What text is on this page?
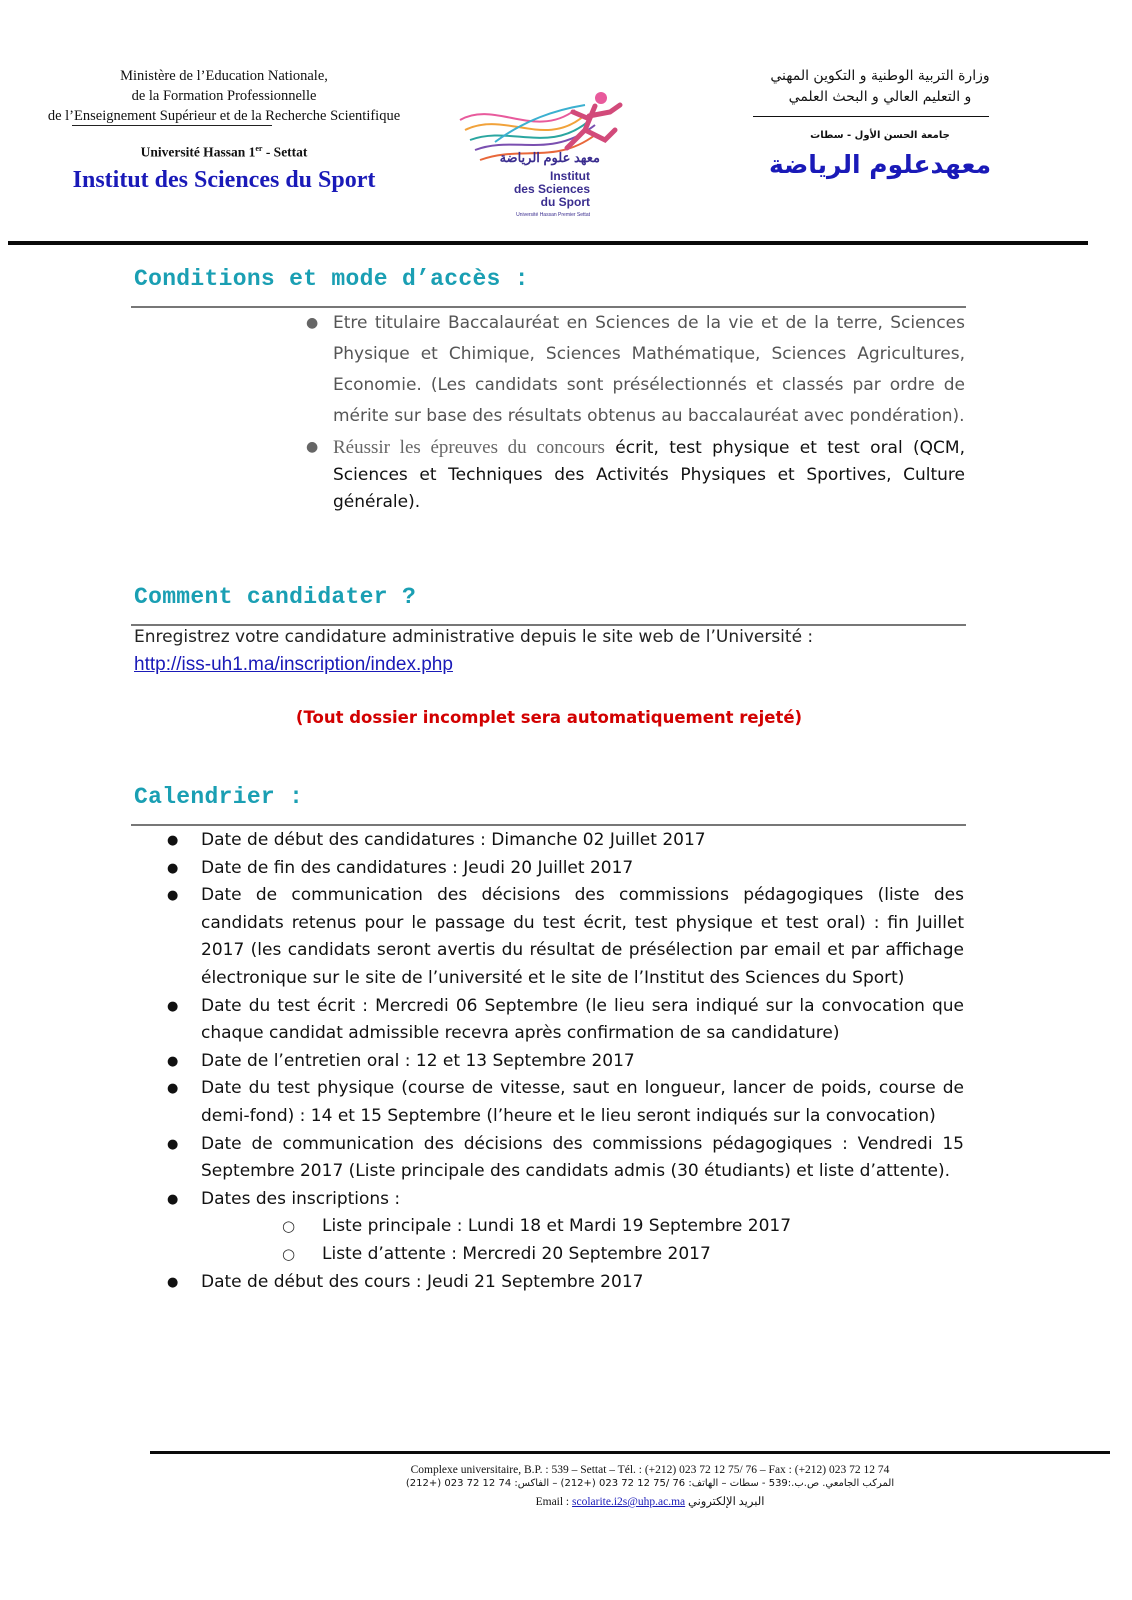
Ministère de l’Education Nationale,
de la Formation Professionnelle
de l’Enseignement Supérieur et de la Recherche Scientifique
Université Hassan 1er - Settat
Institut des Sciences du Sport
معهد علوم الرياضة
Institut
des Sciences
du Sport
Université Hassan Premier Settat
وزارة التربية الوطنية و التكوين المهني
و التعليم العالي و البحث العلمي
جامعة الحسن الأول - سطات
معهدعلوم الرياضة
Conditions et mode d’accès :
● Etre titulaire Baccalauréat en Sciences de la vie et de la terre, Sciences Physique et Chimique, Sciences Mathématique, Sciences Agricultures, Economie. (Les candidats sont présélectionnés et classés par ordre de mérite sur base des résultats obtenus au baccalauréat avec pondération).
● Réussir les épreuves du concours écrit, test physique et test oral (QCM, Sciences et Techniques des Activités Physiques et Sportives, Culture générale).
Comment candidater ?
Enregistrez votre candidature administrative depuis le site web de l’Université :
http://iss-uh1.ma/inscription/index.php
(Tout dossier incomplet sera automatiquement rejeté)
Calendrier :
● Date de début des candidatures : Dimanche 02 Juillet 2017
● Date de fin des candidatures : Jeudi 20 Juillet 2017
● Date de communication des décisions des commissions pédagogiques (liste des candidats retenus pour le passage du test écrit, test physique et test oral) : fin Juillet 2017 (les candidats seront avertis du résultat de présélection par email et par affichage électronique sur le site de l’université et le site de l’Institut des Sciences du Sport)
● Date du test écrit : Mercredi 06 Septembre (le lieu sera indiqué sur la convocation que chaque candidat admissible recevra après confirmation de sa candidature)
● Date de l’entretien oral : 12 et 13 Septembre 2017
● Date du test physique (course de vitesse, saut en longueur, lancer de poids, course de demi-fond) : 14 et 15 Septembre (l’heure et le lieu seront indiqués sur la convocation)
● Date de communication des décisions des commissions pédagogiques : Vendredi 15 Septembre 2017 (Liste principale des candidats admis (30 étudiants) et liste d’attente).
● Dates des inscriptions :
○ Liste principale : Lundi 18 et Mardi 19 Septembre 2017
○ Liste d’attente : Mercredi 20 Septembre 2017
● Date de début des cours : Jeudi 21 Septembre 2017
Complexe universitaire, B.P. : 539 – Settat – Tél. : (+212) 023 72 12 75/ 76 – Fax : (+212) 023 72 12 74
المركب الجامعي. ص.ب.:539 - سطات – الهاتف: 76 /75 12 72 023 (+212) – الفاكس: 74 12 72 023 (+212)
Email : scolarite.i2s@uhp.ac.ma البريد الإلكتروني
